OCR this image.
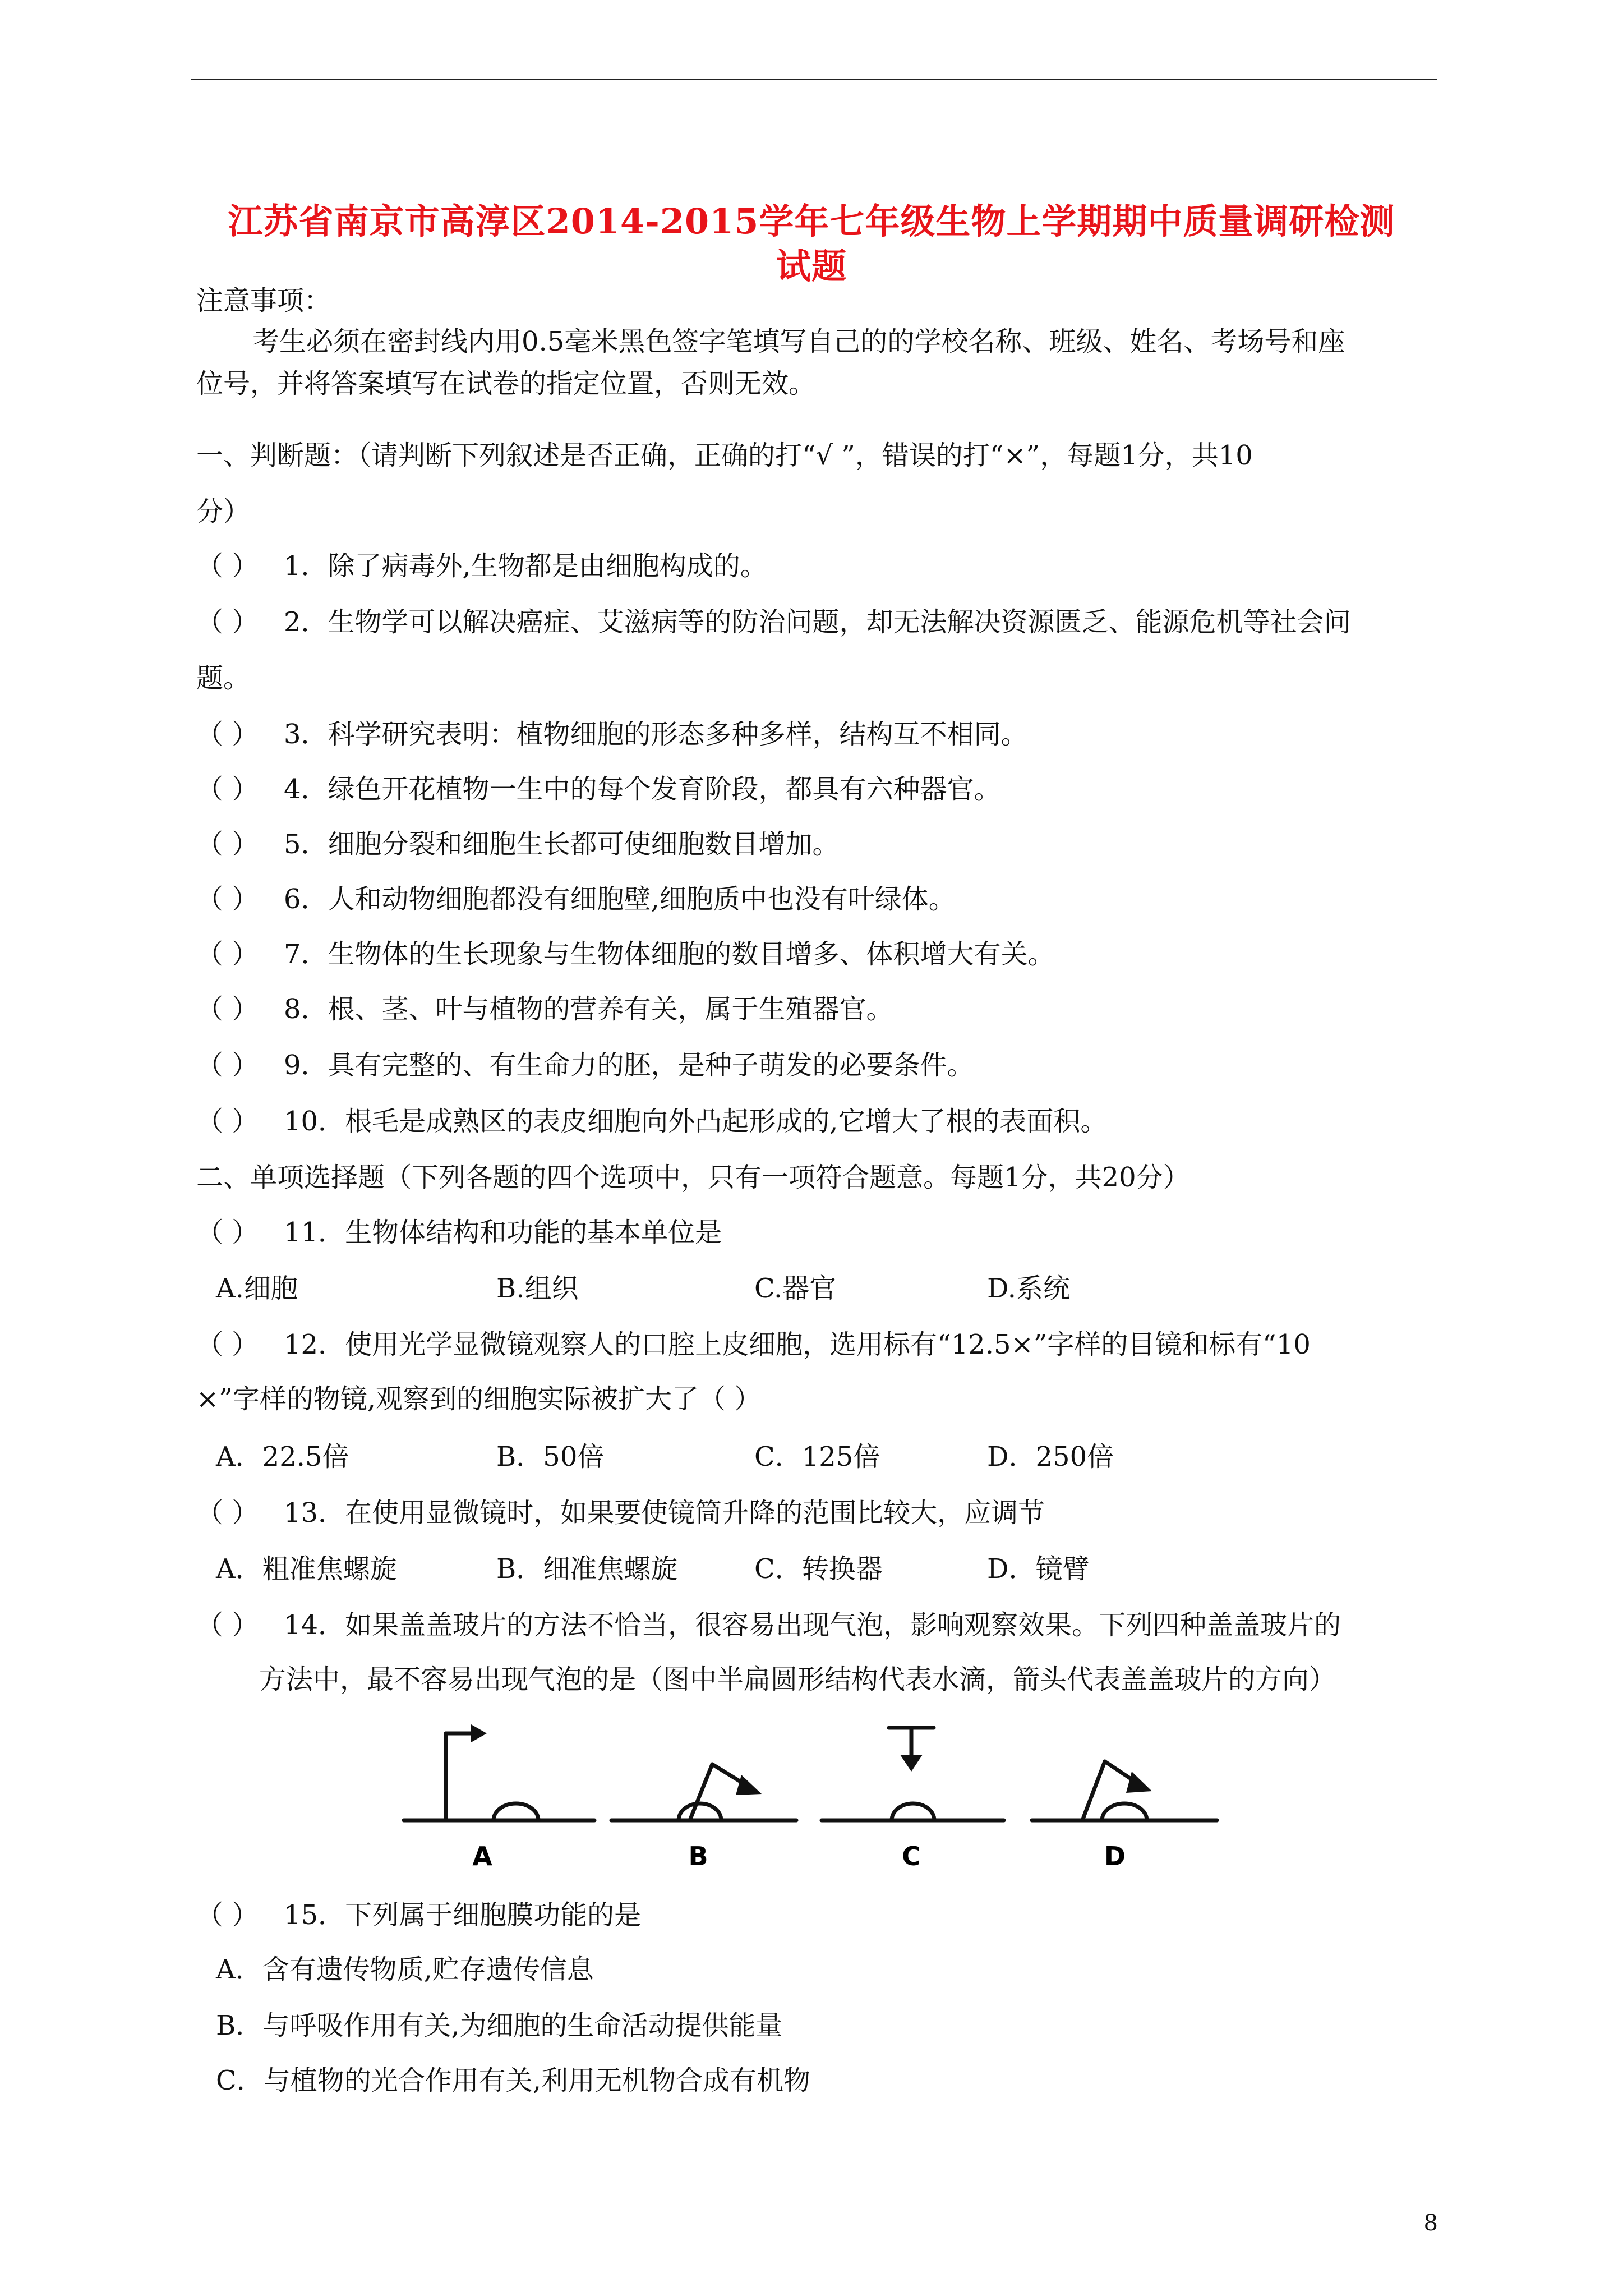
江苏省南京市高淳区2014-2015学年七年级生物上学期期中质量调研检测
试题
注意事项：
考生必须在密封线内用0.5毫米黑色签字笔填写自己的的学校名称、班级、姓名、考场号和座
位号，并将答案填写在试卷的指定位置，否则无效。
一、判断题：（请判断下列叙述是否正确，正确的打“√ ”，错误的打“×”，每题1分，共10
分）
（ ） 1．除了病毒外,生物都是由细胞构成的。
（ ） 2．生物学可以解决癌症、艾滋病等的防治问题，却无法解决资源匮乏、能源危机等社会问
题。
（ ） 3．科学研究表明：植物细胞的形态多种多样，结构互不相同。
（ ） 4．绿色开花植物一生中的每个发育阶段，都具有六种器官。
（ ） 5．细胞分裂和细胞生长都可使细胞数目增加。
（ ） 6．人和动物细胞都没有细胞壁,细胞质中也没有叶绿体。
（ ） 7．生物体的生长现象与生物体细胞的数目增多、体积增大有关。
（ ） 8．根、茎、叶与植物的营养有关，属于生殖器官。
（ ） 9．具有完整的、有生命力的胚，是种子萌发的必要条件。
（ ） 10．根毛是成熟区的表皮细胞向外凸起形成的,它增大了根的表面积。
二、单项选择题（下列各题的四个选项中，只有一项符合题意。每题1分，共20分）
（ ） 11．生物体结构和功能的基本单位是
A.细胞	B.组织	C.器官	D.系统
（ ） 12．使用光学显微镜观察人的口腔上皮细胞，选用标有“12.5×”字样的目镜和标有“10
×”字样的物镜,观察到的细胞实际被扩大了（ ）
A．22.5倍	B．50倍	C．125倍	D．250倍
（ ） 13．在使用显微镜时，如果要使镜筒升降的范围比较大，应调节
A．粗准焦螺旋	B．细准焦螺旋	C．转换器	D．镜臂
（ ） 14．如果盖盖玻片的方法不恰当，很容易出现气泡，影响观察效果。下列四种盖盖玻片的
方法中，最不容易出现气泡的是（图中半扁圆形结构代表水滴，箭头代表盖盖玻片的方向）
A	B	C	D
（ ） 15．下列属于细胞膜功能的是
A．含有遗传物质,贮存遗传信息
B．与呼吸作用有关,为细胞的生命活动提供能量
C．与植物的光合作用有关,利用无机物合成有机物
8
